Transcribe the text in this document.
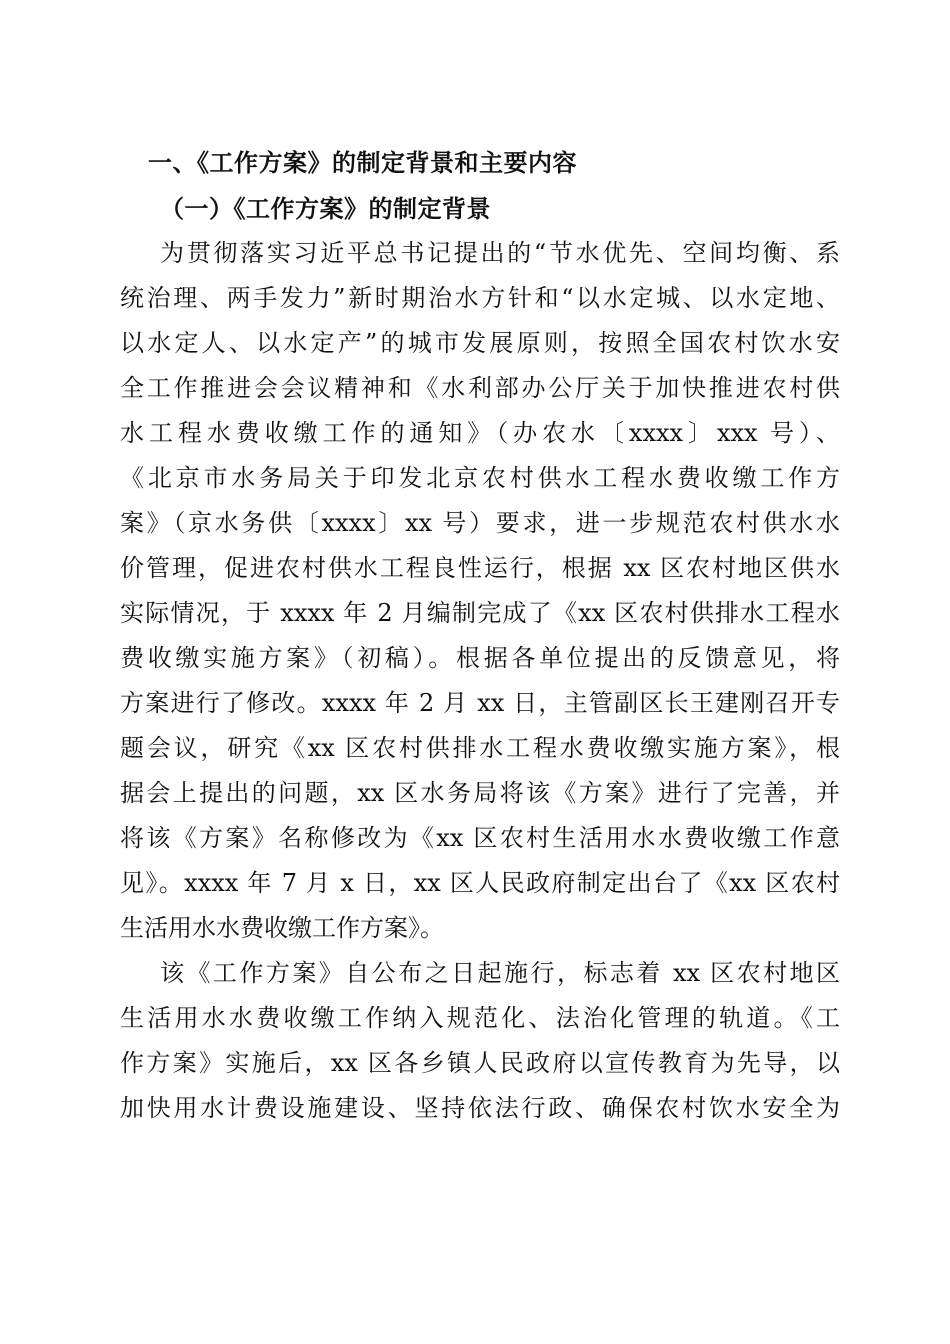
一、《工作方案》的制定背景和主要内容
（一）《工作方案》的制定背景
为贯彻落实习近平总书记提出的“节水优先、空间均衡、系
统治理、两手发力”新时期治水方针和“以水定城、以水定地、
以水定人、以水定产”的城市发展原则，按照全国农村饮水安
全工作推进会会议精神和《水利部办公厅关于加快推进农村供
水工程水费收缴工作的通知》（办农水〔xxxx〕xxx 号）、
《北京市水务局关于印发北京农村供水工程水费收缴工作方
案》（京水务供〔xxxx〕xx 号）要求，进一步规范农村供水水
价管理，促进农村供水工程良性运行，根据 xx 区农村地区供水
实际情况，于 xxxx 年 2 月编制完成了《xx 区农村供排水工程水
费收缴实施方案》（初稿）。根据各单位提出的反馈意见，将
方案进行了修改。xxxx 年 2 月 xx 日，主管副区长王建刚召开专
题会议，研究《xx 区农村供排水工程水费收缴实施方案》，根
据会上提出的问题，xx 区水务局将该《方案》进行了完善，并
将该《方案》名称修改为《xx 区农村生活用水水费收缴工作意
见》。xxxx 年 7 月 x 日，xx 区人民政府制定出台了《xx 区农村
生活用水水费收缴工作方案》。
该《工作方案》自公布之日起施行，标志着 xx 区农村地区
生活用水水费收缴工作纳入规范化、法治化管理的轨道。《工
作方案》实施后，xx 区各乡镇人民政府以宣传教育为先导，以
加快用水计费设施建设、坚持依法行政、确保农村饮水安全为
